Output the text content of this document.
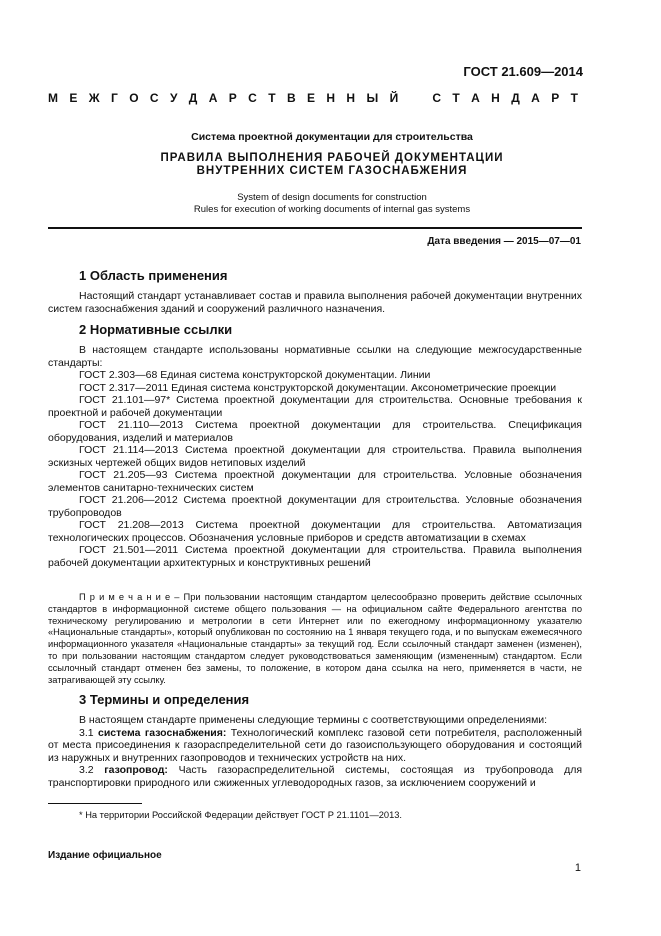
ГОСТ 21.609—2014
М Е Ж Г О С У Д А Р С Т В Е Н Н Ы Й	С Т А Н Д А Р Т
Система проектной документации для строительства
ПРАВИЛА ВЫПОЛНЕНИЯ РАБОЧЕЙ ДОКУМЕНТАЦИИ
ВНУТРЕННИХ СИСТЕМ ГАЗОСНАБЖЕНИЯ
System of design documents for construction
Rules for execution of working documents of internal gas systems
Дата введения — 2015—07—01
1 Область применения
Настоящий стандарт устанавливает состав и правила выполнения рабочей документации внутренних систем газоснабжения зданий и сооружений различного назначения.
2 Нормативные ссылки
В настоящем стандарте использованы нормативные ссылки на следующие межгосударственные стандарты:
ГОСТ 2.303—68 Единая система конструкторской документации. Линии
ГОСТ 2.317—2011 Единая система конструкторской документации. Аксонометрические проекции
ГОСТ 21.101—97* Система проектной документации для строительства. Основные требования к проектной и рабочей документации
ГОСТ 21.110—2013 Система проектной документации для строительства. Спецификация оборудования, изделий и материалов
ГОСТ 21.114—2013 Система проектной документации для строительства. Правила выполнения эскизных чертежей общих видов нетиповых изделий
ГОСТ 21.205—93 Система проектной документации для строительства. Условные обозначения элементов санитарно-технических систем
ГОСТ 21.206—2012 Система проектной документации для строительства. Условные обозначения трубопроводов
ГОСТ 21.208—2013 Система проектной документации для строительства. Автоматизация технологических процессов. Обозначения условные приборов и средств автоматизации в схемах
ГОСТ 21.501—2011 Система проектной документации для строительства. Правила выполнения рабочей документации архитектурных и конструктивных решений
П р и м е ч а н и е – При пользовании настоящим стандартом целесообразно проверить действие ссылочных стандартов в информационной системе общего пользования — на официальном сайте Федерального агентства по техническому регулированию и метрологии в сети Интернет или по ежегодному информационному указателю «Национальные стандарты», который опубликован по состоянию на 1 января текущего года, и по выпускам ежемесячного информационного указателя «Национальные стандарты» за текущий год. Если ссылочный стандарт заменен (изменен), то при пользовании настоящим стандартом следует руководствоваться заменяющим (измененным) стандартом. Если ссылочный стандарт отменен без замены, то положение, в котором дана ссылка на него, применяется в части, не затрагивающей эту ссылку.
3 Термины и определения
В настоящем стандарте применены следующие термины с соответствующими определениями:
3.1 система газоснабжения: Технологический комплекс газовой сети потребителя, расположенный от места присоединения к газораспределительной сети до газоиспользующего оборудования и состоящий из наружных и внутренних газопроводов и технических устройств на них.
3.2 газопровод: Часть газораспределительной системы, состоящая из трубопровода для транспортировки природного или сжиженных углеводородных газов, за исключением сооружений и
* На территории Российской Федерации действует ГОСТ Р 21.1101—2013.
Издание официальное
1
